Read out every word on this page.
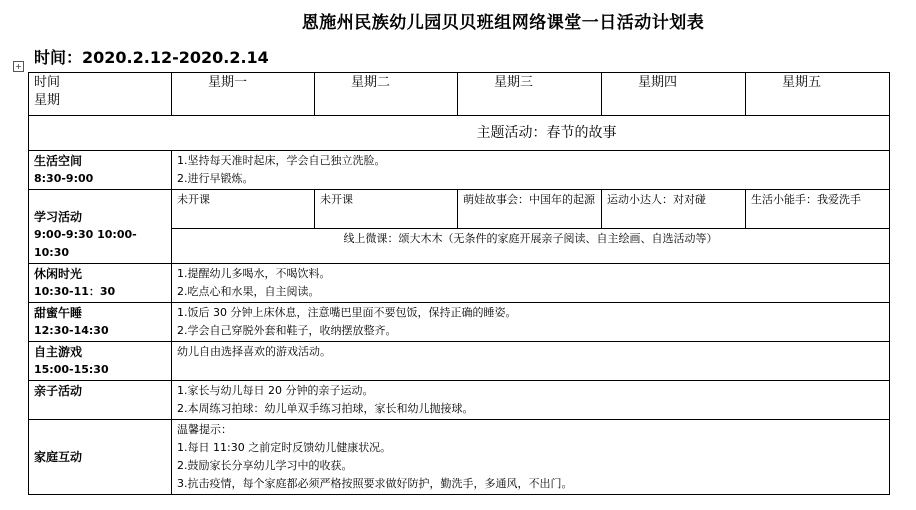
恩施州民族幼儿园贝贝班组网络课堂一日活动计划表
时间：2020.2.12-2020.2.14
+
时间
星期	星期一	星期二	星期三	星期四	星期五
主题活动：春节的故事					

生活空间
8:30-9:00	1.坚持每天准时起床，学会自己独立洗脸。
2.进行早锻炼。				

学习活动
9:00-9:30 10:00-10:30	未开课	未开课	萌娃故事会：中国年的起源	运动小达人：对对碰	生活小能手：我爱洗手
	线上微课：颂大木木（无条件的家庭开展亲子阅读、自主绘画、自选活动等）				

休闲时光
10:30-11：30	1.提醒幼儿多喝水，不喝饮料。
2.吃点心和水果，自主阅读。				

甜蜜午睡
12:30-14:30	1.饭后 30 分钟上床休息，注意嘴巴里面不要包饭，保持正确的睡姿。
2.学会自己穿脱外套和鞋子，收纳摆放整齐。				

自主游戏
15:00-15:30	幼儿自由选择喜欢的游戏活动。				

亲子活动	1.家长与幼儿每日 20 分钟的亲子运动。
2.本周练习拍球：幼儿单双手练习拍球，家长和幼儿抛接球。				

家庭互动	温馨提示：
1.每日 11:30 之前定时反馈幼儿健康状况。
2.鼓励家长分享幼儿学习中的收获。
3.抗击疫情，每个家庭都必须严格按照要求做好防护，勤洗手，多通风，不出门。				
